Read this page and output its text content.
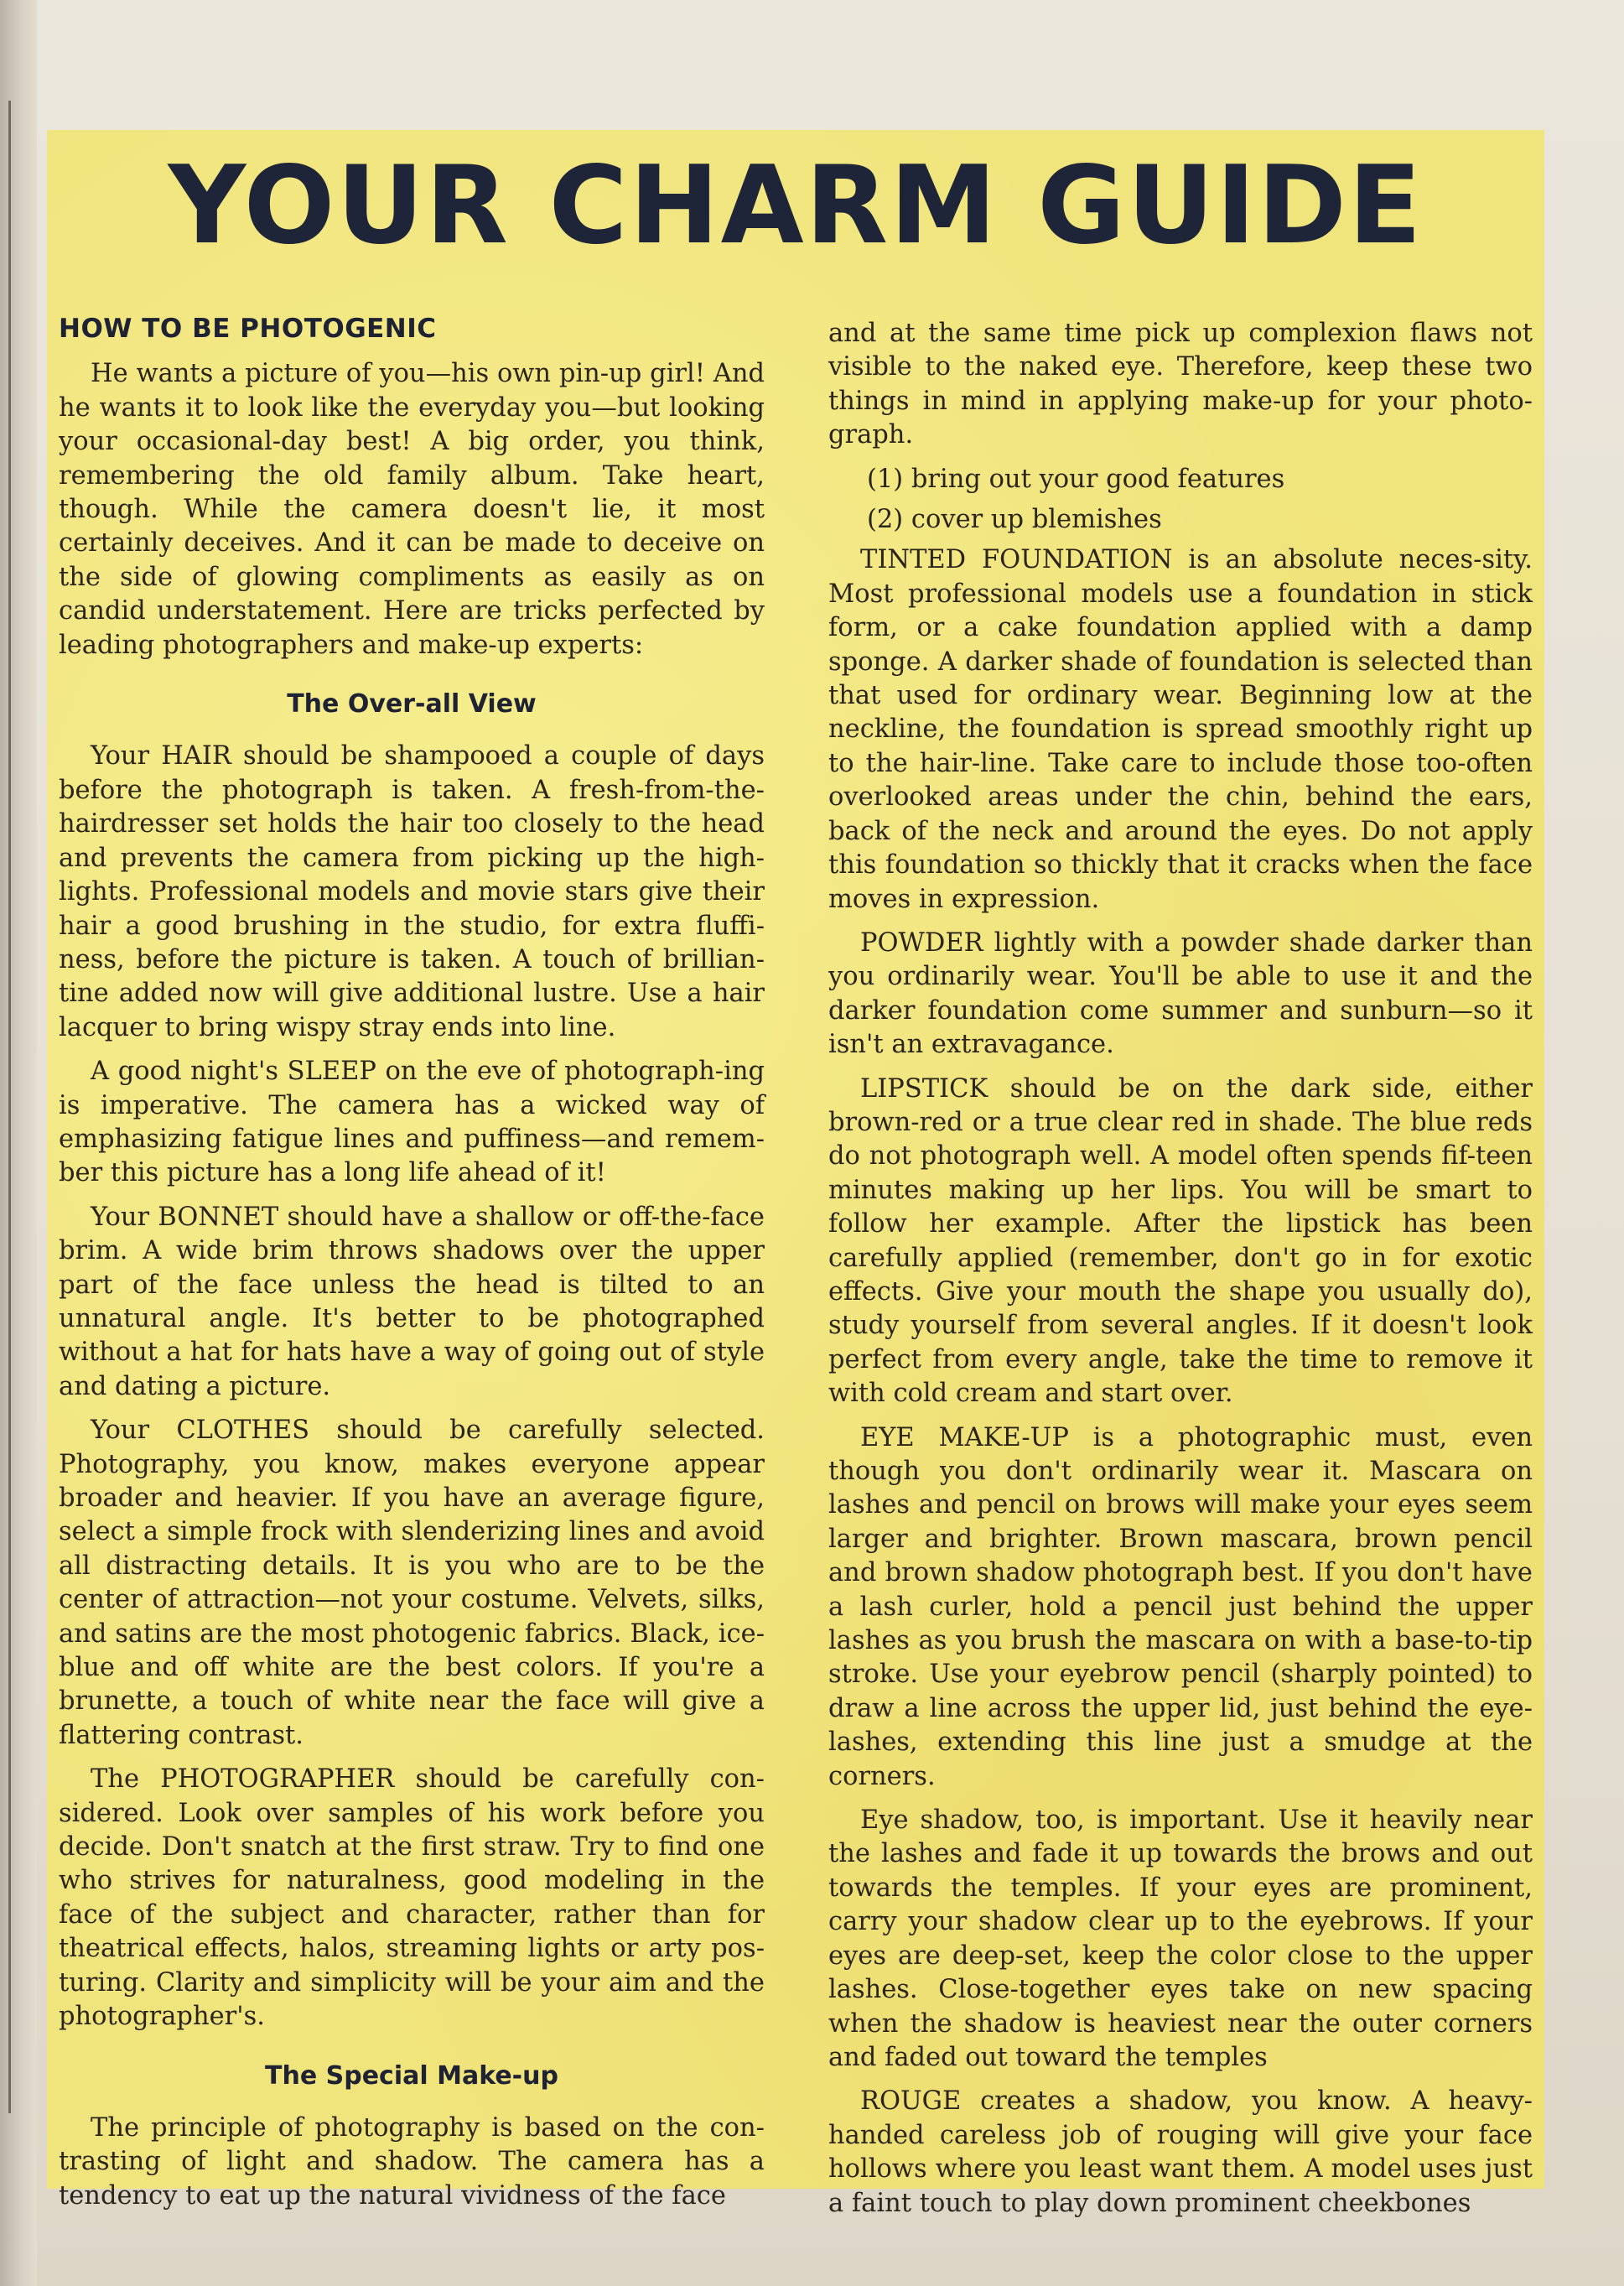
YOUR CHARM GUIDE
HOW TO BE PHOTOGENIC

He wants a picture of you—his own pin-up girl! And he wants it to look like the everyday you—but looking your occasional-day best! A big order, you think, remembering the old family album. Take heart, though. While the camera doesn't lie, it most certainly deceives. And it can be made to deceive on the side of glowing compliments as easily as on candid understatement. Here are tricks perfected by leading photographers and make-up experts:

The Over-all View

Your HAIR should be shampooed a couple of days before the photograph is taken. A fresh-from-the-hairdresser set holds the hair too closely to the head and prevents the camera from picking up the high-lights. Professional models and movie stars give their hair a good brushing in the studio, for extra fluffi-ness, before the picture is taken. A touch of brillian-tine added now will give additional lustre. Use a hair lacquer to bring wispy stray ends into line.

A good night's SLEEP on the eve of photograph-ing is imperative. The camera has a wicked way of emphasizing fatigue lines and puffiness—and remem-ber this picture has a long life ahead of it!

Your BONNET should have a shallow or off-the-face brim. A wide brim throws shadows over the upper part of the face unless the head is tilted to an unnatural angle. It's better to be photographed without a hat for hats have a way of going out of style and dating a picture.

Your CLOTHES should be carefully selected. Photography, you know, makes everyone appear broader and heavier. If you have an average figure, select a simple frock with slenderizing lines and avoid all distracting details. It is you who are to be the center of attraction—not your costume. Velvets, silks, and satins are the most photogenic fabrics. Black, ice-blue and off white are the best colors. If you're a brunette, a touch of white near the face will give a flattering contrast.

The PHOTOGRAPHER should be carefully con-sidered. Look over samples of his work before you decide. Don't snatch at the first straw. Try to find one who strives for naturalness, good modeling in the face of the subject and character, rather than for theatrical effects, halos, streaming lights or arty pos-turing. Clarity and simplicity will be your aim and the photographer's.

The Special Make-up

The principle of photography is based on the con-trasting of light and shadow. The camera has a tendency to eat up the natural vividness of the face

and at the same time pick up complexion flaws not visible to the naked eye. Therefore, keep these two things in mind in applying make-up for your photo-graph.

(1) bring out your good features

(2) cover up blemishes

TINTED FOUNDATION is an absolute neces-sity. Most professional models use a foundation in stick form, or a cake foundation applied with a damp sponge. A darker shade of foundation is selected than that used for ordinary wear. Beginning low at the neckline, the foundation is spread smoothly right up to the hair-line. Take care to include those too-often overlooked areas under the chin, behind the ears, back of the neck and around the eyes. Do not apply this foundation so thickly that it cracks when the face moves in expression.

POWDER lightly with a powder shade darker than you ordinarily wear. You'll be able to use it and the darker foundation come summer and sunburn—so it isn't an extravagance.

LIPSTICK should be on the dark side, either brown-red or a true clear red in shade. The blue reds do not photograph well. A model often spends fif-teen minutes making up her lips. You will be smart to follow her example. After the lipstick has been carefully applied (remember, don't go in for exotic effects. Give your mouth the shape you usually do), study yourself from several angles. If it doesn't look perfect from every angle, take the time to remove it with cold cream and start over.

EYE MAKE-UP is a photographic must, even though you don't ordinarily wear it. Mascara on lashes and pencil on brows will make your eyes seem larger and brighter. Brown mascara, brown pencil and brown shadow photograph best. If you don't have a lash curler, hold a pencil just behind the upper lashes as you brush the mascara on with a base-to-tip stroke. Use your eyebrow pencil (sharply pointed) to draw a line across the upper lid, just behind the eye-lashes, extending this line just a smudge at the corners.

Eye shadow, too, is important. Use it heavily near the lashes and fade it up towards the brows and out towards the temples. If your eyes are prominent, carry your shadow clear up to the eyebrows. If your eyes are deep-set, keep the color close to the upper lashes. Close-together eyes take on new spacing when the shadow is heaviest near the outer corners and faded out toward the temples

ROUGE creates a shadow, you know. A heavy-handed careless job of rouging will give your face hollows where you least want them. A model uses just a faint touch to play down prominent cheekbones
